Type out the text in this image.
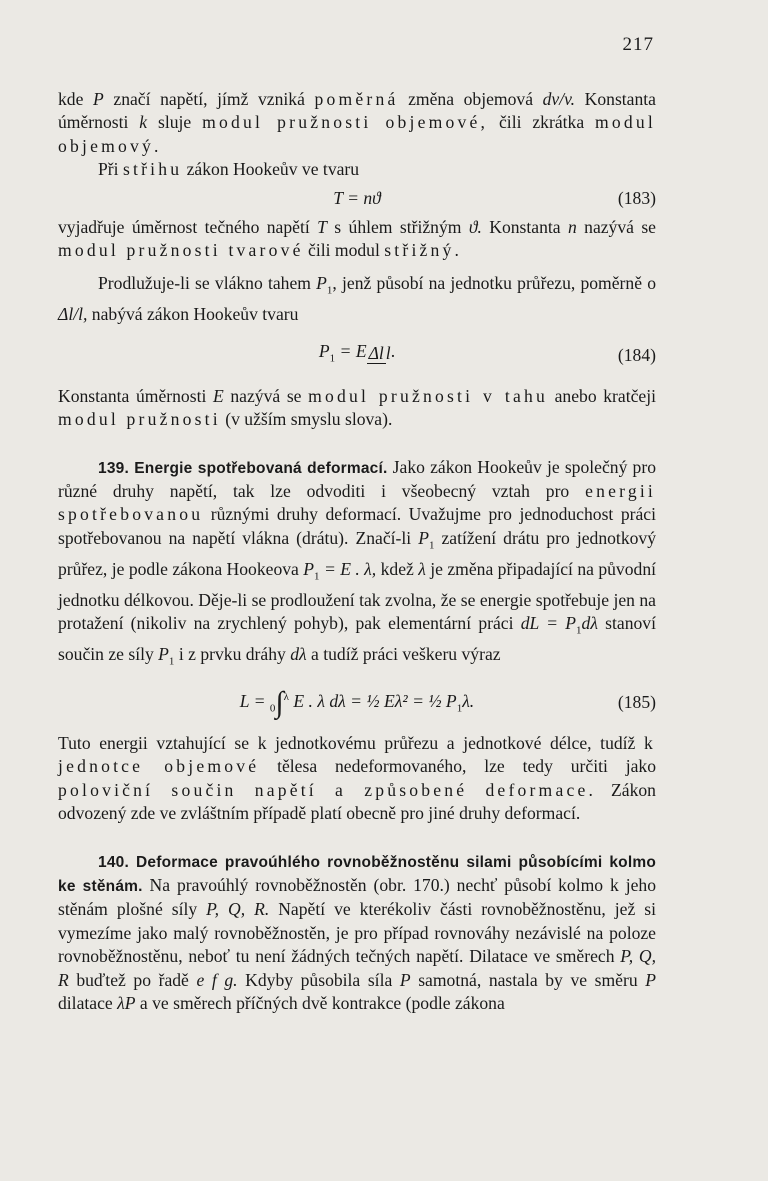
217

kde P značí napětí, jímž vzniká poměrná změna objemová dv/v. Konstanta úměrnosti k sluje modul pružnosti objemové, čili zkrátka modul objemový.

Při střihu zákon Hookeův ve tvaru

T = nϑ	(183)

vyjadřuje úměrnost tečného napětí T s úhlem střižným ϑ. Konstanta n nazývá se modul pružnosti tvarové čili modul střižný.

Prodlužuje-li se vlákno tahem $P_1$, jenž působí na jednotku průřezu, poměrně o Δl/l, nabývá zákon Hookeův tvaru

$P_1 = E$ Δl l.	(184)

Konstanta úměrnosti E nazývá se modul pružnosti v tahu anebo kratčeji modul pružnosti (v užším smyslu slova).

139. Energie spotřebovaná deformací. Jako zákon Hookeův je společný pro různé druhy napětí, tak lze odvoditi i všeobecný vztah pro energii spotřebovanou různými druhy deformací. Uvažujme pro jednoduchost práci spotřebovanou na napětí vlákna (drátu). Značí-li $P_1$ zatížení drátu pro jednotkový průřez, je podle zákona Hookeova $P_1 = E$ . λ, kdež λ je změna připadající na původní jednotku délkovou. Děje-li se prodloužení tak zvolna, že se energie spotřebuje jen na protažení (nikoliv na zrychlený pohyb), pak elementární práci dL = $P_1d\lambda$ stanoví součin ze síly $P_1$ i z prvku dráhy dλ a tudíž práci veškeru výraz

L = $_0$∫$^\lambda$ E . λ dλ = ½ Eλ² = ½ $P_1\lambda$.	(185)

Tuto energii vztahující se k jednotkovému průřezu a jednotkové délce, tudíž k jednotce objemové tělesa nedeformovaného, lze tedy určiti jako poloviční součin napětí a způsobené deformace. Zákon odvozený zde ve zvláštním případě platí obecně pro jiné druhy deformací.

140. Deformace pravoúhlého rovnoběžnostěnu silami působícími kolmo ke stěnám. Na pravoúhlý rovnoběžnostěn (obr. 170.) nechť působí kolmo k jeho stěnám plošné síly P, Q, R. Napětí ve kterékoliv části rovnoběžnostěnu, jež si vymezíme jako malý rovnoběžnostěn, je pro případ rovnováhy nezávislé na poloze rovnoběžnostěnu, neboť tu není žádných tečných napětí. Dilatace ve směrech P, Q, R buďtež po řadě e f g. Kdyby působila síla P samotná, nastala by ve směru P dilatace λP a ve směrech příčných dvě kontrakce (podle zákona
